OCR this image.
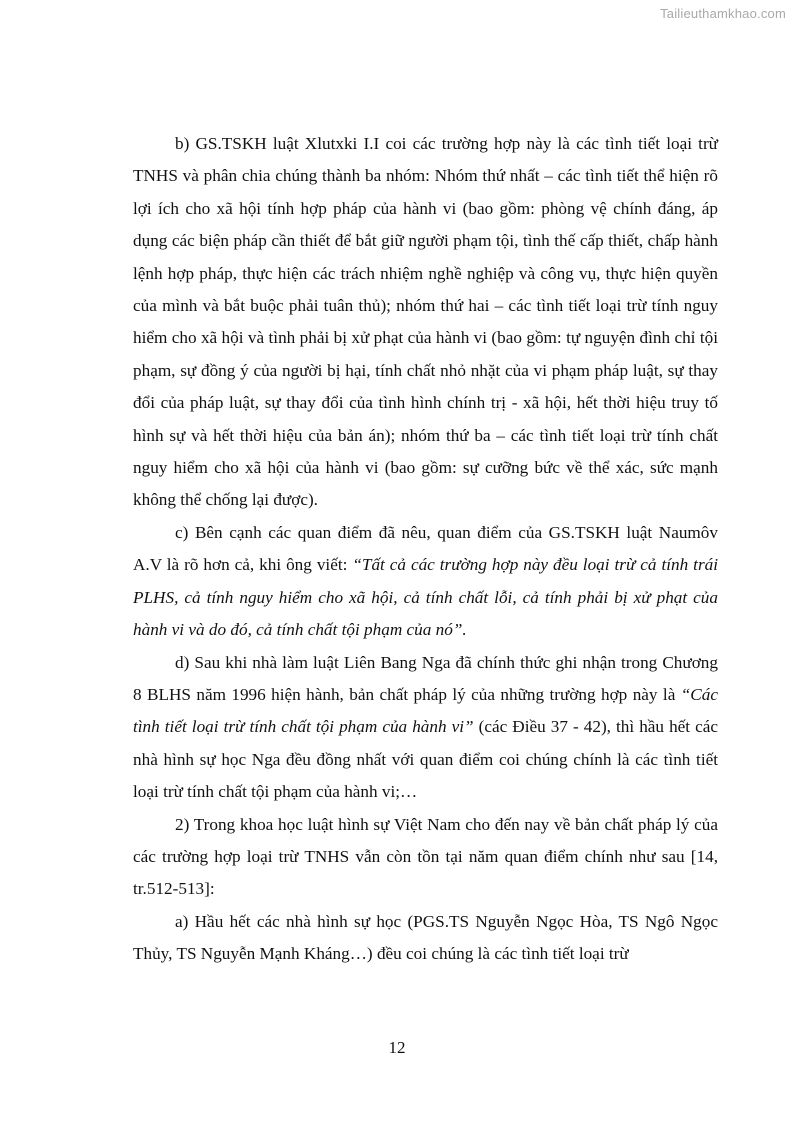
Tailieuthamkhao.com

b) GS.TSKH luật Xlutxki I.I coi các trường hợp này là các tình tiết loại trừ TNHS và phân chia chúng thành ba nhóm: Nhóm thứ nhất – các tình tiết thể hiện rõ lợi ích cho xã hội tính hợp pháp của hành vi (bao gồm: phòng vệ chính đáng, áp dụng các biện pháp cần thiết để bắt giữ người phạm tội, tình thế cấp thiết, chấp hành lệnh hợp pháp, thực hiện các trách nhiệm nghề nghiệp và công vụ, thực hiện quyền của mình và bắt buộc phải tuân thủ); nhóm thứ hai – các tình tiết loại trừ tính nguy hiểm cho xã hội và tình phải bị xử phạt của hành vi (bao gồm: tự nguyện đình chỉ tội phạm, sự đồng ý của người bị hại, tính chất nhỏ nhặt của vi phạm pháp luật, sự thay đổi của pháp luật, sự thay đổi của tình hình chính trị - xã hội, hết thời hiệu truy tố hình sự và hết thời hiệu của bản án); nhóm thứ ba – các tình tiết loại trừ tính chất nguy hiểm cho xã hội của hành vi (bao gồm: sự cưỡng bức về thể xác, sức mạnh không thể chống lại được).

c) Bên cạnh các quan điểm đã nêu, quan điểm của GS.TSKH luật Naumôv A.V là rõ hơn cả, khi ông viết: “Tất cả các trường hợp này đều loại trừ cả tính trái PLHS, cả tính nguy hiểm cho xã hội, cả tính chất lỗi, cả tính phải bị xử phạt của hành vi và do đó, cả tính chất tội phạm của nó”.

d) Sau khi nhà làm luật Liên Bang Nga đã chính thức ghi nhận trong Chương 8 BLHS năm 1996 hiện hành, bản chất pháp lý của những trường hợp này là “Các tình tiết loại trừ tính chất tội phạm của hành vi” (các Điều 37 - 42), thì hầu hết các nhà hình sự học Nga đều đồng nhất với quan điểm coi chúng chính là các tình tiết loại trừ tính chất tội phạm của hành vi;…

2) Trong khoa học luật hình sự Việt Nam cho đến nay về bản chất pháp lý của các trường hợp loại trừ TNHS vẫn còn tồn tại năm quan điểm chính như sau [14, tr.512-513]:

a) Hầu hết các nhà hình sự học (PGS.TS Nguyễn Ngọc Hòa, TS Ngô Ngọc Thủy, TS Nguyễn Mạnh Kháng…) đều coi chúng là các tình tiết loại trừ

12
